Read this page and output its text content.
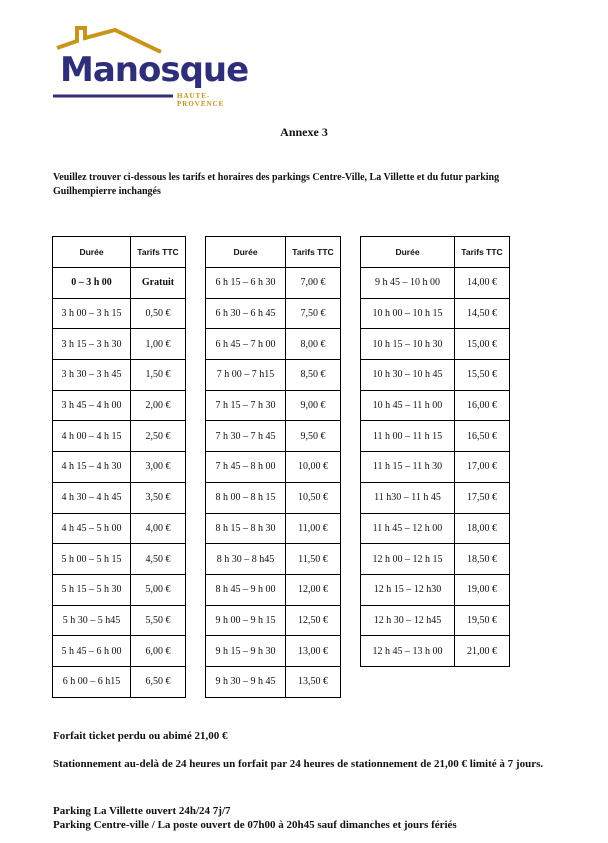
Manosque
HAUTE-PROVENCE
Annexe 3
Veuillez trouver ci-dessous les tarifs et horaires des parkings Centre-Ville, La Villette et du futur parking Guilhempierre inchangés
Durée	Tarifs TTC
0 – 3 h 00	Gratuit
3 h 00 – 3 h 15	0,50 €
3 h 15 – 3 h 30	1,00 €
3 h 30 – 3 h 45	1,50 €
3 h 45 – 4 h 00	2,00 €
4 h 00 – 4 h 15	2,50 €
4 h 15 – 4 h 30	3,00 €
4 h 30 – 4 h 45	3,50 €
4 h 45 – 5 h 00	4,00 €
5 h 00 – 5 h 15	4,50 €
5 h 15 – 5 h 30	5,00 €
5 h 30 – 5 h45	5,50 €
5 h 45 – 6 h 00	6,00 €
6 h 00 – 6 h15	6,50 €
Durée	Tarifs TTC
6 h 15 – 6 h 30	7,00 €
6 h 30 – 6 h 45	7,50 €
6 h 45 – 7 h 00	8,00 €
7 h 00 – 7 h15	8,50 €
7 h 15 – 7 h 30	9,00 €
7 h 30 – 7 h 45	9,50 €
7 h 45 – 8 h 00	10,00 €
8 h 00 – 8 h 15	10,50 €
8 h 15 – 8 h 30	11,00 €
8 h 30 – 8 h45	11,50 €
8 h 45 – 9 h 00	12,00 €
9 h 00 – 9 h 15	12,50 €
9 h 15 – 9 h 30	13,00 €
9 h 30 – 9 h 45	13,50 €
Durée	Tarifs TTC
9 h 45 – 10 h 00	14,00 €
10 h 00 – 10 h 15	14,50 €
10 h 15 – 10 h 30	15,00 €
10 h 30 – 10 h 45	15,50 €
10 h 45 – 11 h 00	16,00 €
11 h 00 – 11 h 15	16,50 €
11 h 15 – 11 h 30	17,00 €
11 h30 – 11 h 45	17,50 €
11 h 45 – 12 h 00	18,00 €
12 h 00 – 12 h 15	18,50 €
12 h 15 – 12 h30	19,00 €
12 h 30 – 12 h45	19,50 €
12 h 45 – 13 h 00	21,00 €
Forfait ticket perdu ou abimé 21,00 €
Stationnement au-delà de 24 heures un forfait par 24 heures de stationnement de 21,00 € limité à 7 jours.
Parking La Villette ouvert 24h/24 7j/7
Parking Centre-ville / La poste ouvert de 07h00 à 20h45 sauf dimanches et jours fériés
